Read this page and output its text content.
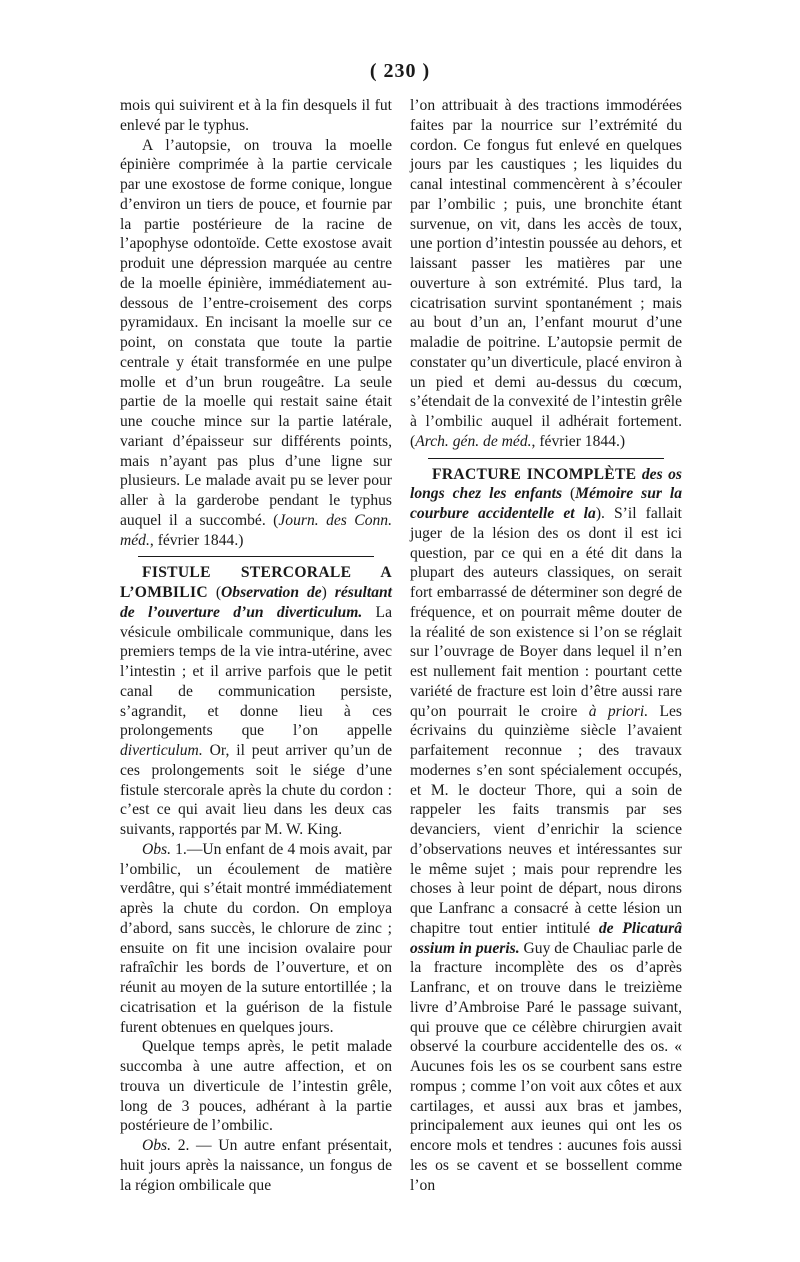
( 230 )

mois qui suivirent et à la fin desquels il fut enlevé par le typhus.

A l’autopsie, on trouva la moelle épinière comprimée à la partie cervicale par une exostose de forme conique, longue d’environ un tiers de pouce, et fournie par la partie postérieure de la racine de l’apophyse odontoïde. Cette exostose avait produit une dépression marquée au centre de la moelle épinière, immédiatement au-dessous de l’entre-croisement des corps pyramidaux. En incisant la moelle sur ce point, on constata que toute la partie centrale y était transformée en une pulpe molle et d’un brun rougeâtre. La seule partie de la moelle qui restait saine était une couche mince sur la partie latérale, variant d’épaisseur sur différents points, mais n’ayant pas plus d’une ligne sur plusieurs. Le malade avait pu se lever pour aller à la garderobe pendant le typhus auquel il a succombé. (Journ. des Conn. méd., février 1844.)

FISTULE STERCORALE A L’OMBILIC (Observation de) résultant de l’ouverture d’un diverticulum. La vésicule ombilicale communique, dans les premiers temps de la vie intra-utérine, avec l’intestin ; et il arrive parfois que le petit canal de communication persiste, s’agrandit, et donne lieu à ces prolongements que l’on appelle diverticulum. Or, il peut arriver qu’un de ces prolongements soit le siége d’une fistule stercorale après la chute du cordon : c’est ce qui avait lieu dans les deux cas suivants, rapportés par M. W. King.

Obs. 1.—Un enfant de 4 mois avait, par l’ombilic, un écoulement de matière verdâtre, qui s’était montré immédiatement après la chute du cordon. On employa d’abord, sans succès, le chlorure de zinc ; ensuite on fit une incision ovalaire pour rafraîchir les bords de l’ouverture, et on réunit au moyen de la suture entortillée ; la cicatrisation et la guérison de la fistule furent obtenues en quelques jours.

Quelque temps après, le petit malade succomba à une autre affection, et on trouva un diverticule de l’intestin grêle, long de 3 pouces, adhérant à la partie postérieure de l’ombilic.

Obs. 2. — Un autre enfant présentait, huit jours après la naissance, un fongus de la région ombilicale que

l’on attribuait à des tractions immodérées faites par la nourrice sur l’extrémité du cordon. Ce fongus fut enlevé en quelques jours par les caustiques ; les liquides du canal intestinal commencèrent à s’écouler par l’ombilic ; puis, une bronchite étant survenue, on vit, dans les accès de toux, une portion d’intestin poussée au dehors, et laissant passer les matières par une ouverture à son extrémité. Plus tard, la cicatrisation survint spontanément ; mais au bout d’un an, l’enfant mourut d’une maladie de poitrine. L’autopsie permit de constater qu’un diverticule, placé environ à un pied et demi au-dessus du cœcum, s’étendait de la convexité de l’intestin grêle à l’ombilic auquel il adhérait fortement. (Arch. gén. de méd., février 1844.)

FRACTURE INCOMPLÈTE des os longs chez les enfants (Mémoire sur la courbure accidentelle et la). S’il fallait juger de la lésion des os dont il est ici question, par ce qui en a été dit dans la plupart des auteurs classiques, on serait fort embarrassé de déterminer son degré de fréquence, et on pourrait même douter de la réalité de son existence si l’on se réglait sur l’ouvrage de Boyer dans lequel il n’en est nullement fait mention : pourtant cette variété de fracture est loin d’être aussi rare qu’on pourrait le croire à priori. Les écrivains du quinzième siècle l’avaient parfaitement reconnue ; des travaux modernes s’en sont spécialement occupés, et M. le docteur Thore, qui a soin de rappeler les faits transmis par ses devanciers, vient d’enrichir la science d’observations neuves et intéressantes sur le même sujet ; mais pour reprendre les choses à leur point de départ, nous dirons que Lanfranc a consacré à cette lésion un chapitre tout entier intitulé de Plicaturâ ossium in pueris. Guy de Chauliac parle de la fracture incomplète des os d’après Lanfranc, et on trouve dans le treizième livre d’Ambroise Paré le passage suivant, qui prouve que ce célèbre chirurgien avait observé la courbure accidentelle des os. « Aucunes fois les os se courbent sans estre rompus ; comme l’on voit aux côtes et aux cartilages, et aussi aux bras et jambes, principalement aux ieunes qui ont les os encore mols et tendres : aucunes fois aussi les os se cavent et se bossellent comme l’on
